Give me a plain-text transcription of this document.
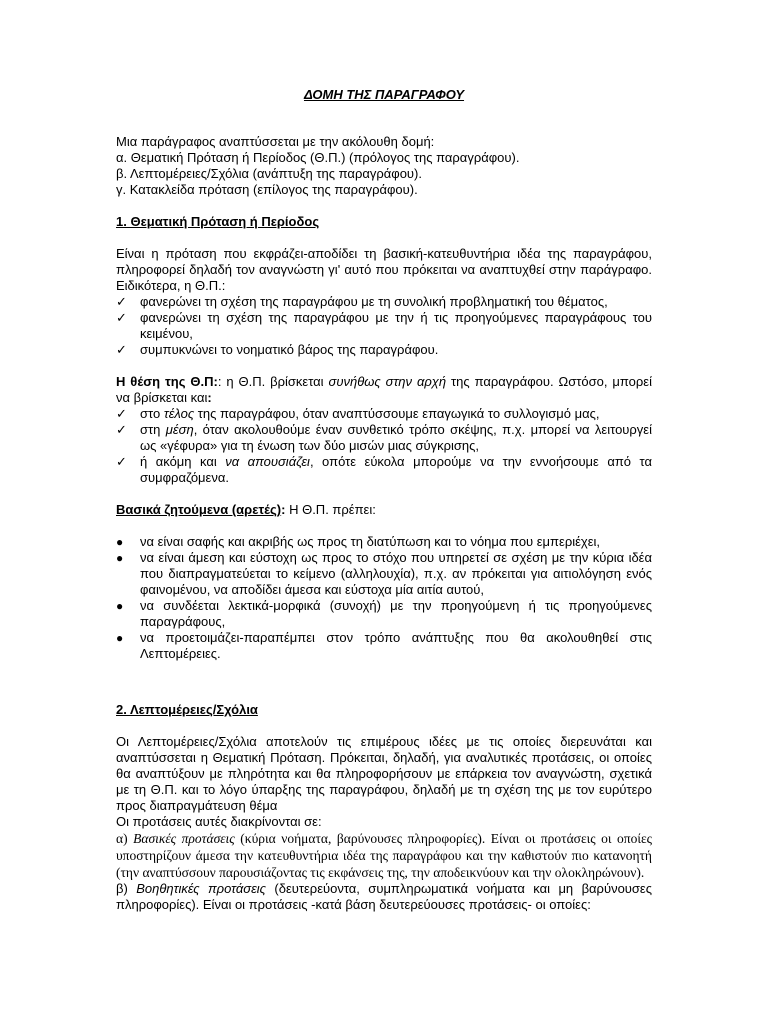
ΔΟΜΗ ΤΗΣ ΠΑΡΑΓΡΑΦΟΥ

Μια παράγραφος αναπτύσσεται με την ακόλουθη δομή:

α. Θεματική Πρόταση ή Περίοδος (Θ.Π.) (πρόλογος της παραγράφου).

β. Λεπτομέρειες/Σχόλια (ανάπτυξη της παραγράφου).

γ. Κατακλείδα πρόταση (επίλογος της παραγράφου).

1. Θεματική Πρόταση ή Περίοδος

Είναι η πρόταση που εκφράζει-αποδίδει τη βασική-κατευθυντήρια ιδέα της παραγράφου, πληροφορεί δηλαδή τον αναγνώστη γι' αυτό που πρόκειται να αναπτυχθεί στην παράγραφο. Ειδικότερα, η Θ.Π.:

✓	φανερώνει τη σχέση της παραγράφου με τη συνολική προβληματική του θέματος,
✓	φανερώνει τη σχέση της παραγράφου με την ή τις προηγούμενες παραγράφους του κειμένου,
✓	συμπυκνώνει το νοηματικό βάρος της παραγράφου.

Η θέση της Θ.Π:: η Θ.Π. βρίσκεται συνήθως στην αρχή της παραγράφου. Ωστόσο, μπορεί να βρίσκεται και:

✓	στο τέλος της παραγράφου, όταν αναπτύσσουμε επαγωγικά το συλλογισμό μας,
✓	στη μέση, όταν ακολουθούμε έναν συνθετικό τρόπο σκέψης, π.χ. μπορεί να λειτουργεί ως «γέφυρα» για τη ένωση των δύο μισών μιας σύγκρισης,
✓	ή ακόμη και να απουσιάζει, οπότε εύκολα μπορούμε να την εννοήσουμε από τα συμφραζόμενα.

Βασικά ζητούμενα (αρετές): Η Θ.Π. πρέπει:

●	να είναι σαφής και ακριβής ως προς τη διατύπωση και το νόημα που εμπεριέχει,
●	να είναι άμεση και εύστοχη ως προς το στόχο που υπηρετεί σε σχέση με την κύρια ιδέα που διαπραγματεύεται το κείμενο (αλληλουχία), π.χ. αν πρόκειται για αιτιολόγηση ενός φαινομένου, να αποδίδει άμεσα και εύστοχα μία αιτία αυτού,
●	να συνδέεται λεκτικά-μορφικά (συνοχή) με την προηγούμενη ή τις προηγούμενες παραγράφους,
●	να προετοιμάζει-παραπέμπει στον τρόπο ανάπτυξης που θα ακολουθηθεί στις Λεπτομέρειες.

2. Λεπτομέρειες/Σχόλια

Οι Λεπτομέρειες/Σχόλια αποτελούν τις επιμέρους ιδέες με τις οποίες διερευνάται και αναπτύσσεται η Θεματική Πρόταση. Πρόκειται, δηλαδή, για αναλυτικές προτάσεις, οι οποίες θα αναπτύξουν με πληρότητα και θα πληροφορήσουν με επάρκεια τον αναγνώστη, σχετικά με τη Θ.Π. και το λόγο ύπαρξης της παραγράφου, δηλαδή με τη σχέση της με τον ευρύτερο προς διαπραγμάτευση θέμα

Οι προτάσεις αυτές διακρίνονται σε:

α) Βασικές προτάσεις (κύρια νοήματα, βαρύνουσες πληροφορίες). Είναι οι προτάσεις οι οποίες υποστηρίζουν άμεσα την κατευθυντήρια ιδέα της παραγράφου και την καθιστούν πιο κατανοητή (την αναπτύσσουν παρουσιάζοντας τις εκφάνσεις της, την αποδεικνύουν και την ολοκληρώνουν).

β) Βοηθητικές προτάσεις (δευτερεύοντα, συμπληρωματικά νοήματα και μη βαρύνουσες πληροφορίες). Είναι οι προτάσεις -κατά βάση δευτερεύουσες προτάσεις- οι οποίες:
